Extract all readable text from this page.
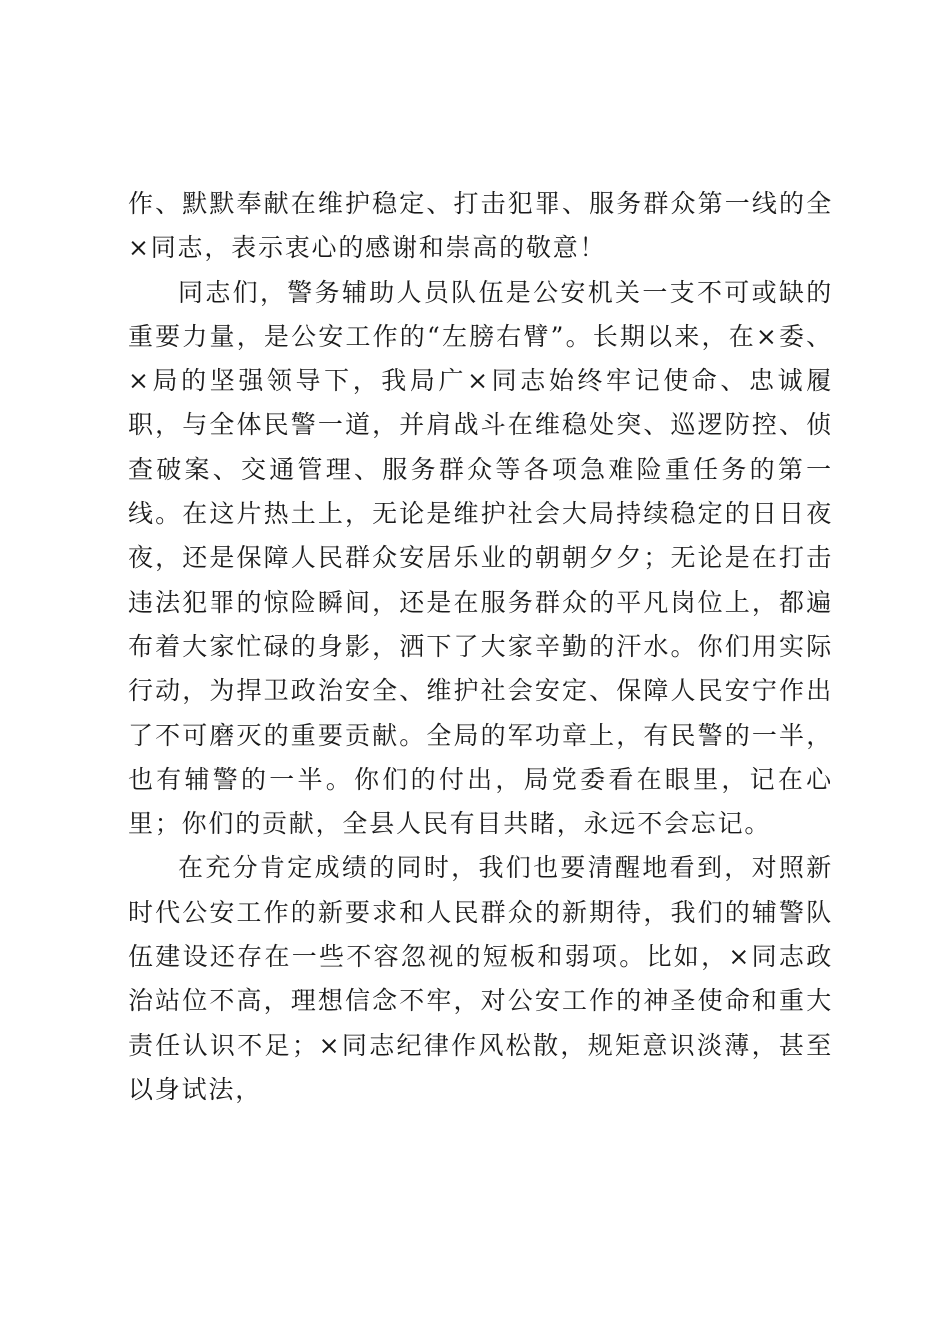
作、默默奉献在维护稳定、打击犯罪、服务群众第一线的全×同志，表示衷心的感谢和崇高的敬意！

同志们，警务辅助人员队伍是公安机关一支不可或缺的重要力量，是公安工作的“左膀右臂”。长期以来，在×委、×局的坚强领导下，我局广×同志始终牢记使命、忠诚履职，与全体民警一道，并肩战斗在维稳处突、巡逻防控、侦查破案、交通管理、服务群众等各项急难险重任务的第一线。在这片热土上，无论是维护社会大局持续稳定的日日夜夜，还是保障人民群众安居乐业的朝朝夕夕；无论是在打击违法犯罪的惊险瞬间，还是在服务群众的平凡岗位上，都遍布着大家忙碌的身影，洒下了大家辛勤的汗水。你们用实际行动，为捍卫政治安全、维护社会安定、保障人民安宁作出了不可磨灭的重要贡献。全局的军功章上，有民警的一半，也有辅警的一半。你们的付出，局党委看在眼里，记在心里；你们的贡献，全县人民有目共睹，永远不会忘记。

在充分肯定成绩的同时，我们也要清醒地看到，对照新时代公安工作的新要求和人民群众的新期待，我们的辅警队伍建设还存在一些不容忽视的短板和弱项。比如，×同志政治站位不高，理想信念不牢，对公安工作的神圣使命和重大责任认识不足；×同志纪律作风松散，规矩意识淡薄，甚至以身试法，
